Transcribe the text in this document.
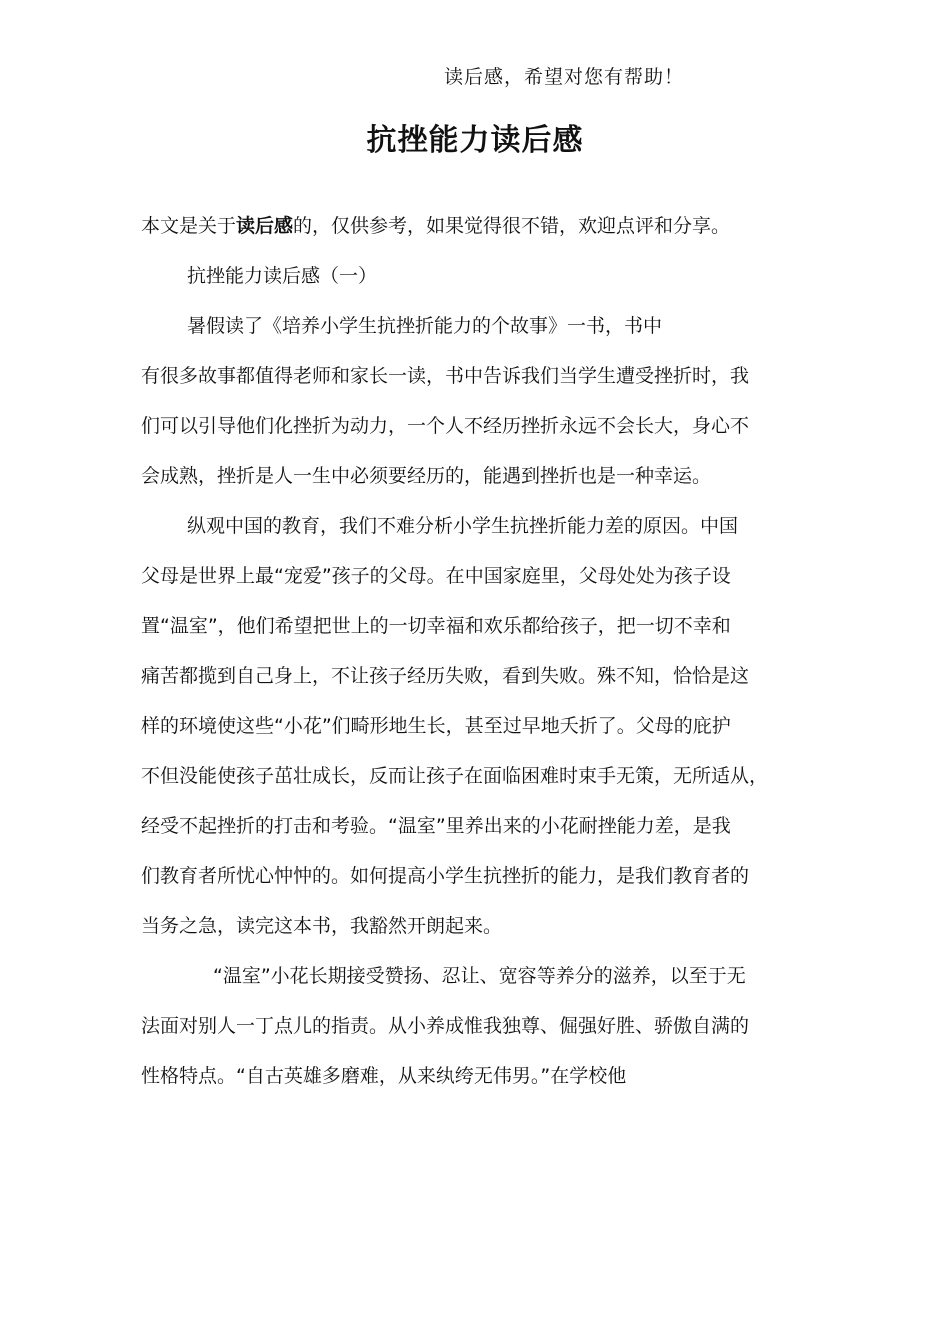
读后感，希望对您有帮助！
抗挫能力读后感
本文是关于读后感的，仅供参考，如果觉得很不错，欢迎点评和分享。
抗挫能力读后感（一）
暑假读了《培养小学生抗挫折能力的个故事》一书，书中
有很多故事都值得老师和家长一读，书中告诉我们当学生遭受挫折时，我
们可以引导他们化挫折为动力，一个人不经历挫折永远不会长大，身心不
会成熟，挫折是人一生中必须要经历的，能遇到挫折也是一种幸运。
纵观中国的教育，我们不难分析小学生抗挫折能力差的原因。中国
父母是世界上最“宠爱”孩子的父母。在中国家庭里，父母处处为孩子设
置“温室”，他们希望把世上的一切幸福和欢乐都给孩子，把一切不幸和
痛苦都揽到自己身上，不让孩子经历失败，看到失败。殊不知，恰恰是这
样的环境使这些“小花”们畸形地生长，甚至过早地夭折了。父母的庇护
不但没能使孩子茁壮成长，反而让孩子在面临困难时束手无策，无所适从，
经受不起挫折的打击和考验。“温室”里养出来的小花耐挫能力差，是我
们教育者所忧心忡忡的。如何提高小学生抗挫折的能力，是我们教育者的
当务之急，读完这本书，我豁然开朗起来。
“温室”小花长期接受赞扬、忍让、宽容等养分的滋养，以至于无
法面对别人一丁点儿的指责。从小养成惟我独尊、倔强好胜、骄傲自满的
性格特点。“自古英雄多磨难，从来纨绔无伟男。”在学校他
